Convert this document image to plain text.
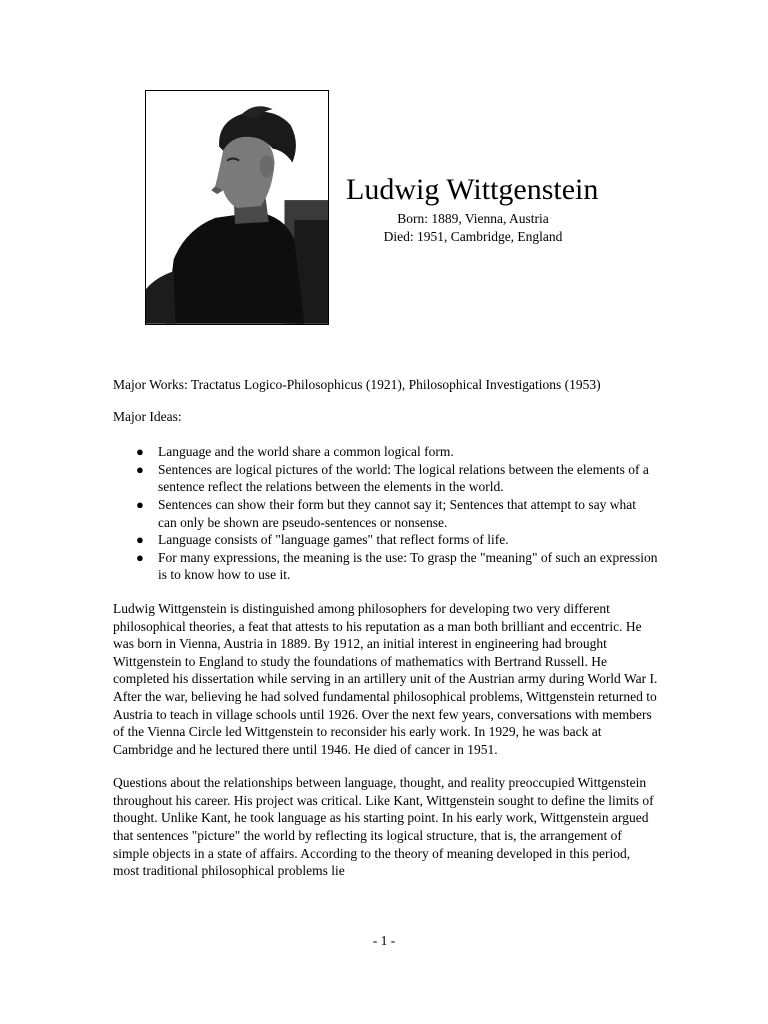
Ludwig Wittgenstein
Born: 1889, Vienna, Austria
Died: 1951, Cambridge, England

Major Works: Tractatus Logico-Philosophicus (1921), Philosophical Investigations (1953)

Major Ideas:

● Language and the world share a common logical form.
● Sentences are logical pictures of the world: The logical relations between the elements of a sentence reflect the relations between the elements in the world.
● Sentences can show their form but they cannot say it; Sentences that attempt to say what can only be shown are pseudo-sentences or nonsense.
● Language consists of "language games" that reflect forms of life.
● For many expressions, the meaning is the use: To grasp the "meaning" of such an expression is to know how to use it.

Ludwig Wittgenstein is distinguished among philosophers for developing two very different philosophical theories, a feat that attests to his reputation as a man both brilliant and eccentric. He was born in Vienna, Austria in 1889. By 1912, an initial interest in engineering had brought Wittgenstein to England to study the foundations of mathematics with Bertrand Russell. He completed his dissertation while serving in an artillery unit of the Austrian army during World War I. After the war, believing he had solved fundamental philosophical problems, Wittgenstein returned to Austria to teach in village schools until 1926. Over the next few years, conversations with members of the Vienna Circle led Wittgenstein to reconsider his early work. In 1929, he was back at Cambridge and he lectured there until 1946. He died of cancer in 1951.

Questions about the relationships between language, thought, and reality preoccupied Wittgenstein throughout his career. His project was critical. Like Kant, Wittgenstein sought to define the limits of thought. Unlike Kant, he took language as his starting point. In his early work, Wittgenstein argued that sentences "picture" the world by reflecting its logical structure, that is, the arrangement of simple objects in a state of affairs. According to the theory of meaning developed in this period, most traditional philosophical problems lie

- 1 -
